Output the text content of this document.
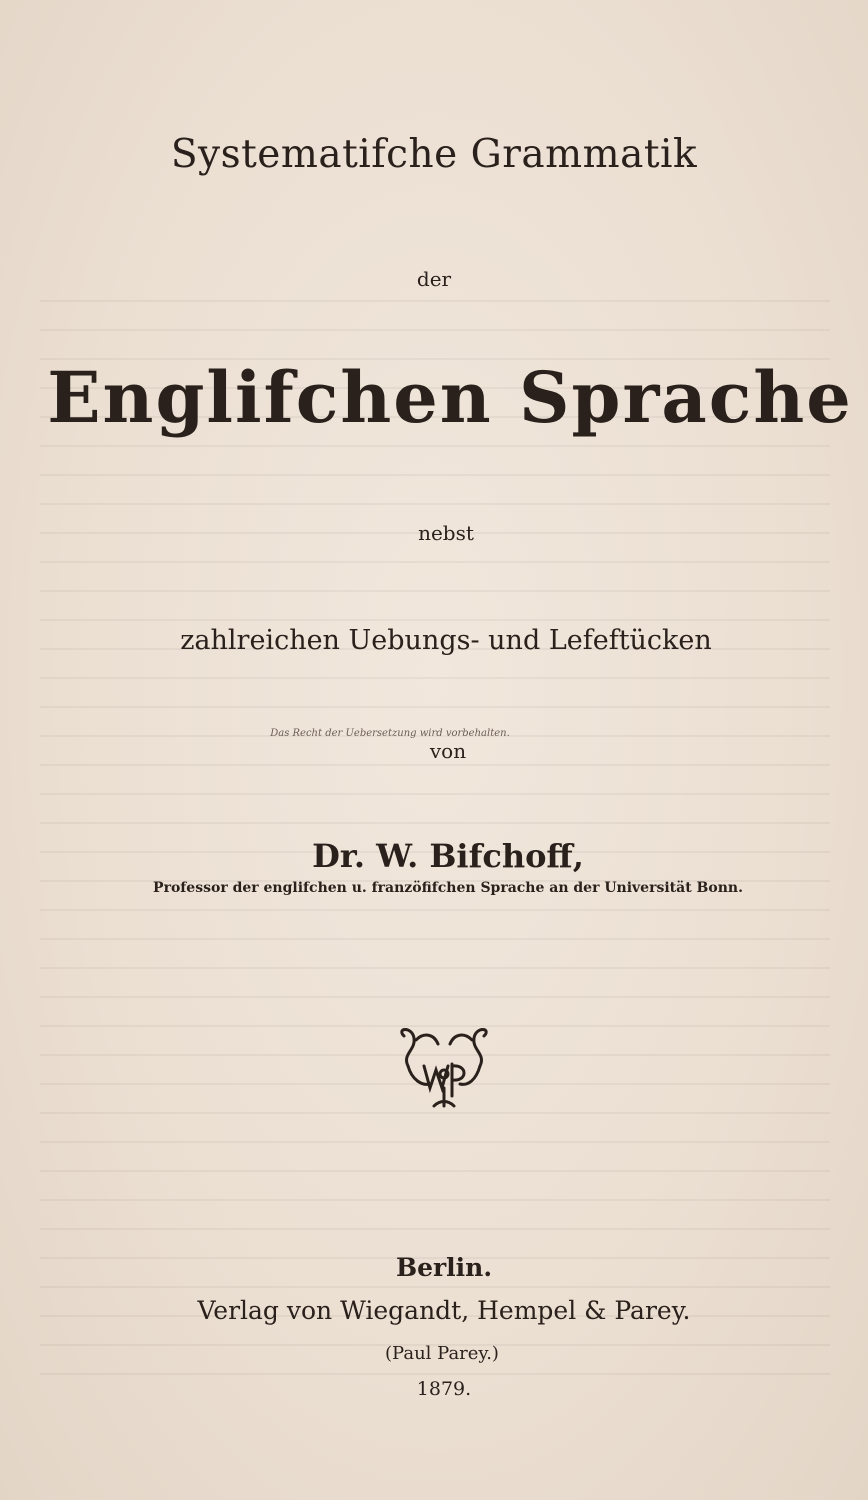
Systematifche Grammatik
der
Englifchen Sprache
nebst
zahlreichen Uebungs- und Lefeftücken
Das Recht der Uebersetzung wird vorbehalten.
von
Dr. W. Bifchoff,
Professor der englifchen u. franzöfifchen Sprache an der Universität Bonn.
Berlin.
Verlag von Wiegandt, Hempel & Parey.
(Paul Parey.)
1879.
